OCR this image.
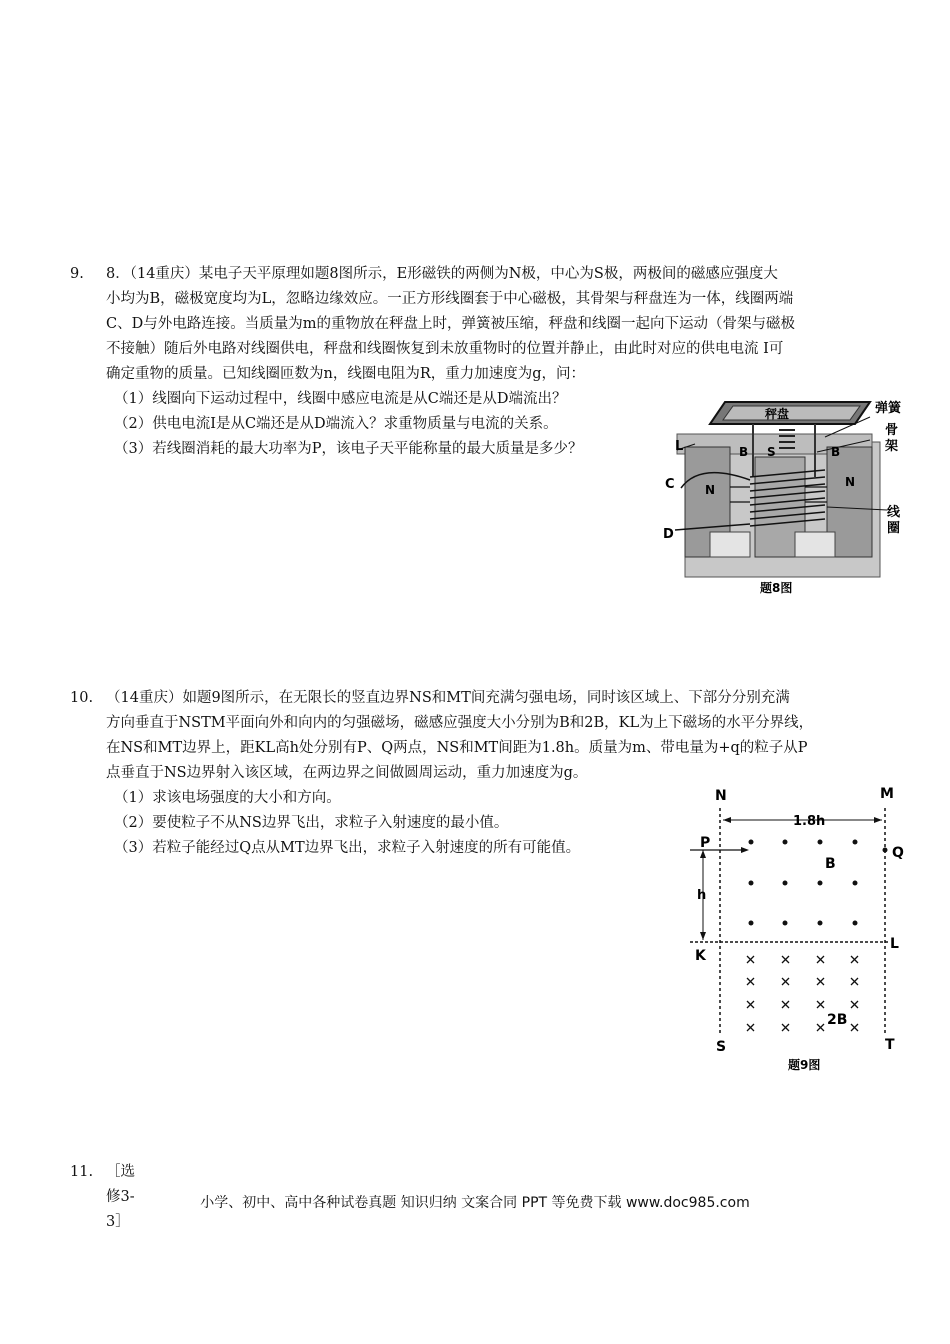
9. 8．（14重庆）某电子天平原理如题8图所示，E形磁铁的两侧为N极，中心为S极，两极间的磁感应强度大

小均为B，磁极宽度均为L，忽略边缘效应。一正方形线圈套于中心磁极，其骨架与秤盘连为一体，线圈两端

C、D与外电路连接。当质量为m的重物放在秤盘上时，弹簧被压缩，秤盘和线圈一起向下运动（骨架与磁极

不接触）随后外电路对线圈供电，秤盘和线圈恢复到未放重物时的位置并静止，由此时对应的供电电流 I可

确定重物的质量。已知线圈匝数为n，线圈电阻为R，重力加速度为g，问：

（1）线圈向下运动过程中，线圈中感应电流是从C端还是从D端流出？

（2）供电电流I是从C端还是从D端流入？求重物质量与电流的关系。

（3）若线圈消耗的最大功率为P，该电子天平能称量的最大质量是多少？

秤盘	弹簧
骨
架
线
圈
L	B S	B
N
N
C
D
题8图
10. （14重庆）如题9图所示，在无限长的竖直边界NS和MT间充满匀强电场，同时该区域上、下部分分别充满

方向垂直于NSTM平面向外和向内的匀强磁场，磁感应强度大小分别为B和2B，KL为上下磁场的水平分界线，

在NS和MT边界上，距KL高h处分别有P、Q两点，NS和MT间距为1.8h。质量为m、带电量为+q的粒子从P

点垂直于NS边界射入该区域，在两边界之间做圆周运动，重力加速度为g。

（1）求该电场强度的大小和方向。

（2）要使粒子不从NS边界飞出，求粒子入射速度的最小值。

（3）若粒子能经过Q点从MT边界飞出，求粒子入射速度的所有可能值。

N	M
1.8h
P
Q
h
B
K
L
2B
S	T
题9图
11. ［选修3-3］
小学、初中、高中各种试卷真题 知识归纳 文案合同 PPT 等免费下载 www.doc985.com
